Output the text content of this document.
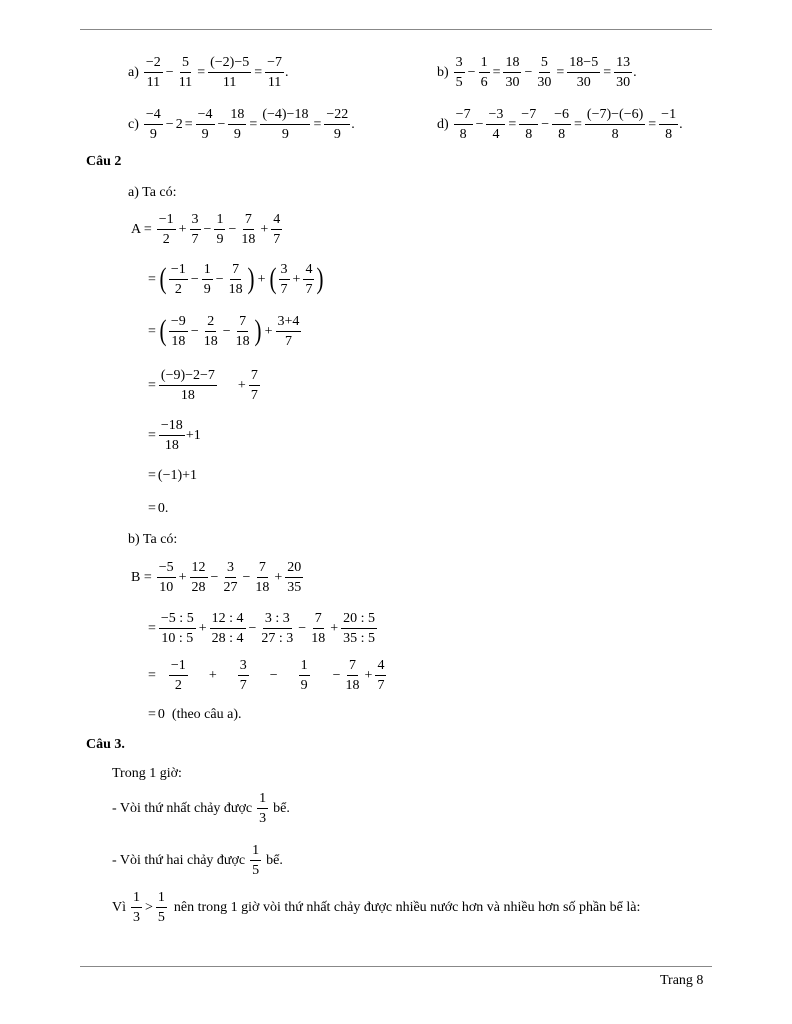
$a) \frac{-2}{11} - \frac{5}{11} = \frac{(-2)-5}{11} = \frac{-7}{11}$ .	$b) \frac{3}{5} - \frac{1}{6} = \frac{18}{30} - \frac{5}{30} = \frac{18-5}{30} = \frac{13}{30}$ .
$c) \frac{-4}{9} - 2 = \frac{-4}{9} - \frac{18}{9} = \frac{(-4)-18}{9} = \frac{-22}{9}$ .	$d) \frac{-7}{8} - \frac{-3}{4} = \frac{-7}{8} - \frac{-6}{8} = \frac{(-7)-(-6)}{8} = \frac{-1}{8}$ .
Câu 2
a) Ta có:
$A = \frac{-1}{2} + \frac{3}{7} - \frac{1}{9} - \frac{7}{18} + \frac{4}{7}$
= ( $\frac{-1}{2} - \frac{1}{9} - \frac{7}{18}$ ) + ( $\frac{3}{7} + \frac{4}{7}$ )
= ( $\frac{-9}{18} - \frac{2}{18} - \frac{7}{18}$ ) + $\frac{3+4}{7}$
= $\frac{(-9)-2-7}{18} + \frac{7}{7}$
= $\frac{-18}{18} +1$
= (−1)+1
= 0.
b) Ta có:
$B = \frac{-5}{10} + \frac{12}{28} - \frac{3}{27} - \frac{7}{18} + \frac{20}{35}$
= $\frac{-5 : 5}{10 : 5} + \frac{12 : 4}{28 : 4} - \frac{3 : 3}{27 : 3} - \frac{7}{18} + \frac{20 : 5}{35 : 5}$
= $\frac{-1}{2} + \frac{3}{7} - \frac{1}{9} - \frac{7}{18} + \frac{4}{7}$
= 0  (theo câu a).
Câu 3.
Trong 1 giờ:
- Vòi thứ nhất chảy được $\frac{1}{3}$ bể.
- Vòi thứ hai chảy được $\frac{1}{5}$ bể.
Vì $\frac{1}{3} > \frac{1}{5}$ nên trong 1 giờ vòi thứ nhất chảy được nhiều nước hơn và nhiều hơn số phần bể là:
Trang 8
